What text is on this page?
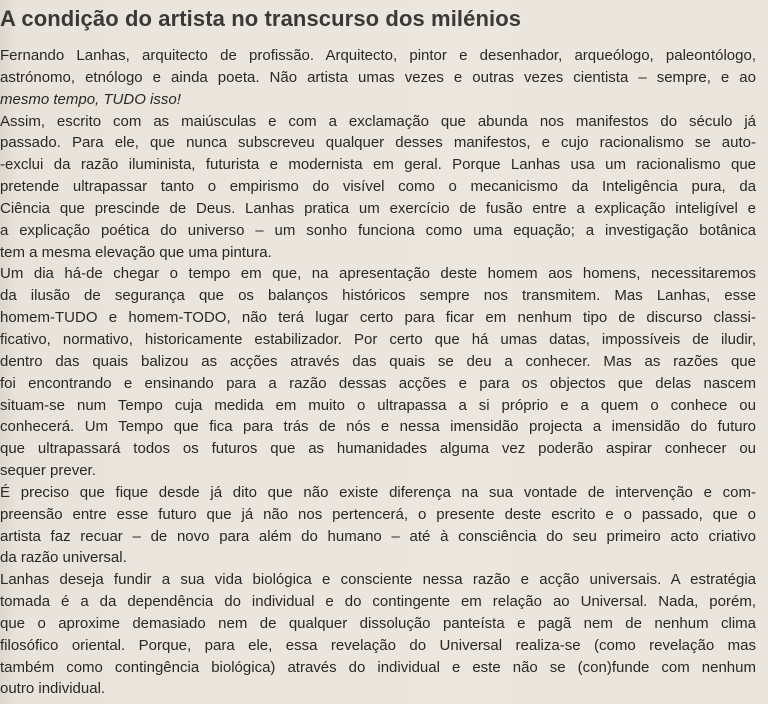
A condição do artista no transcurso dos milénios
Fernando Lanhas, arquitecto de profissão. Arquitecto, pintor e desenhador, arqueólogo, paleontólogo,
astrónomo, etnólogo e ainda poeta. Não artista umas vezes e outras vezes cientista – sempre, e ao
mesmo tempo, TUDO isso!
Assim, escrito com as maiúsculas e com a exclamação que abunda nos manifestos do século já
passado. Para ele, que nunca subscreveu qualquer desses manifestos, e cujo racionalismo se auto-
-exclui da razão iluminista, futurista e modernista em geral. Porque Lanhas usa um racionalismo que
pretende ultrapassar tanto o empirismo do visível como o mecanicismo da Inteligência pura, da
Ciência que prescinde de Deus. Lanhas pratica um exercício de fusão entre a explicação inteligível e
a explicação poética do universo – um sonho funciona como uma equação; a investigação botânica
tem a mesma elevação que uma pintura.
Um dia há-de chegar o tempo em que, na apresentação deste homem aos homens, necessitaremos
da ilusão de segurança que os balanços históricos sempre nos transmitem. Mas Lanhas, esse
homem-TUDO e homem-TODO, não terá lugar certo para ficar em nenhum tipo de discurso classi-
ficativo, normativo, historicamente estabilizador. Por certo que há umas datas, impossíveis de iludir,
dentro das quais balizou as acções através das quais se deu a conhecer. Mas as razões que
foi encontrando e ensinando para a razão dessas acções e para os objectos que delas nascem
situam-se num Tempo cuja medida em muito o ultrapassa a si próprio e a quem o conhece ou
conhecerá. Um Tempo que fica para trás de nós e nessa imensidão projecta a imensidão do futuro
que ultrapassará todos os futuros que as humanidades alguma vez poderão aspirar conhecer ou
sequer prever.
É preciso que fique desde já dito que não existe diferença na sua vontade de intervenção e com-
preensão entre esse futuro que já não nos pertencerá, o presente deste escrito e o passado, que o
artista faz recuar – de novo para além do humano – até à consciência do seu primeiro acto criativo
da razão universal.
Lanhas deseja fundir a sua vida biológica e consciente nessa razão e acção universais. A estratégia
tomada é a da dependência do individual e do contingente em relação ao Universal. Nada, porém,
que o aproxime demasiado nem de qualquer dissolução panteísta e pagã nem de nenhum clima
filosófico oriental. Porque, para ele, essa revelação do Universal realiza-se (como revelação mas
também como contingência biológica) através do individual e este não se (con)funde com nenhum
outro individual.
